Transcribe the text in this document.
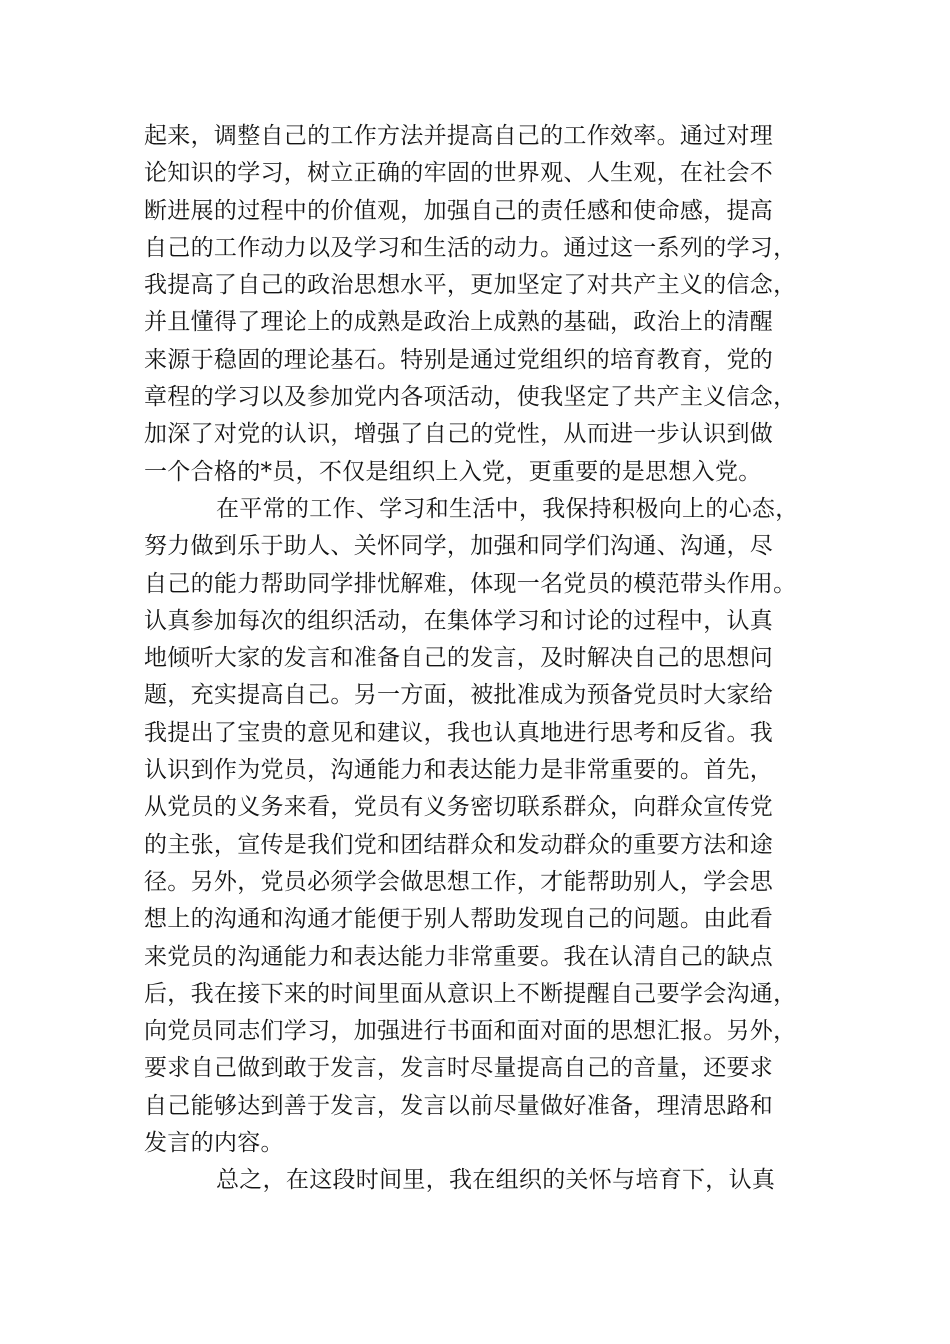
起来，调整自己的工作方法并提高自己的工作效率。通过对理
论知识的学习，树立正确的牢固的世界观、人生观，在社会不
断进展的过程中的价值观，加强自己的责任感和使命感，提高
自己的工作动力以及学习和生活的动力。通过这一系列的学习，
我提高了自己的政治思想水平，更加坚定了对共产主义的信念，
并且懂得了理论上的成熟是政治上成熟的基础，政治上的清醒
来源于稳固的理论基石。特别是通过党组织的培育教育，党的
章程的学习以及参加党内各项活动，使我坚定了共产主义信念，
加深了对党的认识，增强了自己的党性，从而进一步认识到做
一个合格的*员，不仅是组织上入党，更重要的是思想入党。
在平常的工作、学习和生活中，我保持积极向上的心态，
努力做到乐于助人、关怀同学，加强和同学们沟通、沟通，尽
自己的能力帮助同学排忧解难，体现一名党员的模范带头作用。
认真参加每次的组织活动，在集体学习和讨论的过程中，认真
地倾听大家的发言和准备自己的发言，及时解决自己的思想问
题，充实提高自己。另一方面，被批准成为预备党员时大家给
我提出了宝贵的意见和建议，我也认真地进行思考和反省。我
认识到作为党员，沟通能力和表达能力是非常重要的。首先，
从党员的义务来看，党员有义务密切联系群众，向群众宣传党
的主张，宣传是我们党和团结群众和发动群众的重要方法和途
径。另外，党员必须学会做思想工作，才能帮助别人，学会思
想上的沟通和沟通才能便于别人帮助发现自己的问题。由此看
来党员的沟通能力和表达能力非常重要。我在认清自己的缺点
后，我在接下来的时间里面从意识上不断提醒自己要学会沟通，
向党员同志们学习，加强进行书面和面对面的思想汇报。另外，
要求自己做到敢于发言，发言时尽量提高自己的音量，还要求
自己能够达到善于发言，发言以前尽量做好准备，理清思路和
发言的内容。
总之，在这段时间里，我在组织的关怀与培育下，认真
